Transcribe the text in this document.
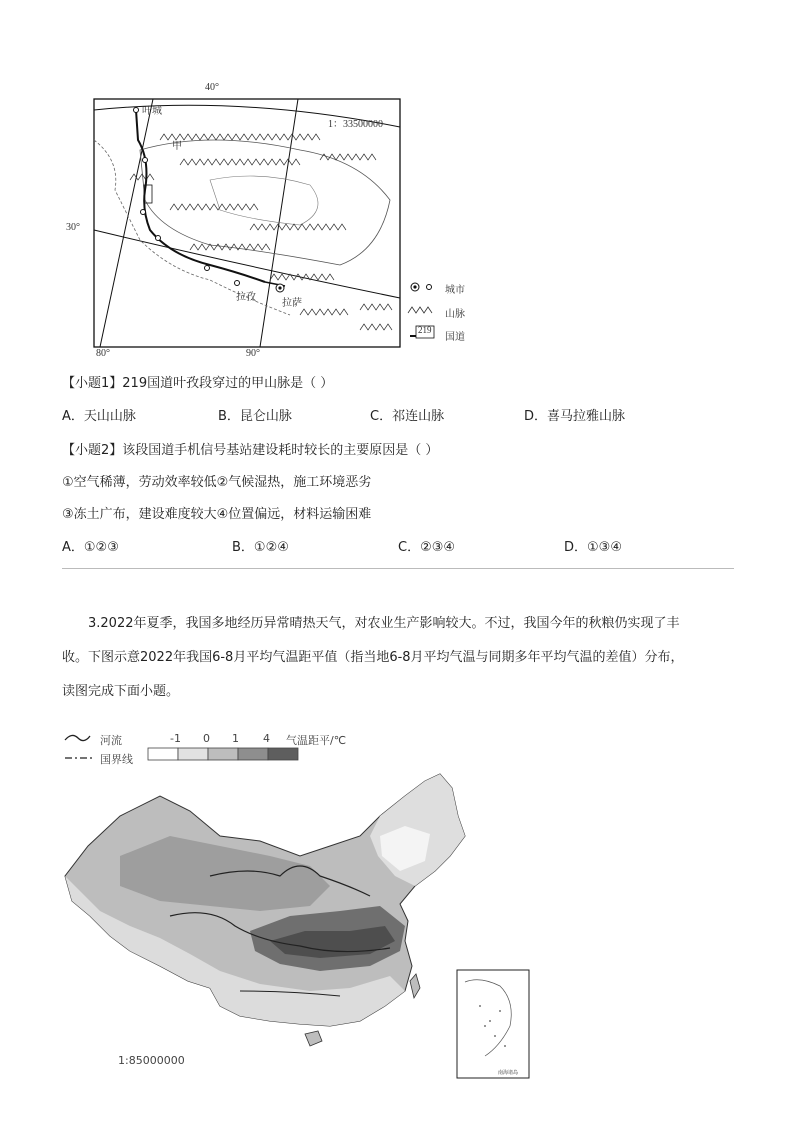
40°
30°
80°	90°
1：33500000
叶城
甲
拉孜
拉萨
城市
山脉
219
国道
【小题1】219国道叶孜段穿过的甲山脉是（ ）
A．天山山脉	B．昆仑山脉	C．祁连山脉	D．喜马拉雅山脉
【小题2】该段国道手机信号基站建设耗时较长的主要原因是（ ）
①空气稀薄，劳动效率较低②气候湿热，施工环境恶劣
③冻土广布，建设难度较大④位置偏远，材料运输困难
A．①②③	B．①②④	C．②③④	D．①③④
3.2022年夏季，我国多地经历异常晴热天气，对农业生产影响较大。不过，我国今年的秋粮仍实现了丰
收。下图示意2022年我国6-8月平均气温距平值（指当地6-8月平均气温与同期多年平均气温的差值）分布，
读图完成下面小题。
河流
国界线
-1 0 1 4 气温距平/℃
1:85000000
南海诸岛
